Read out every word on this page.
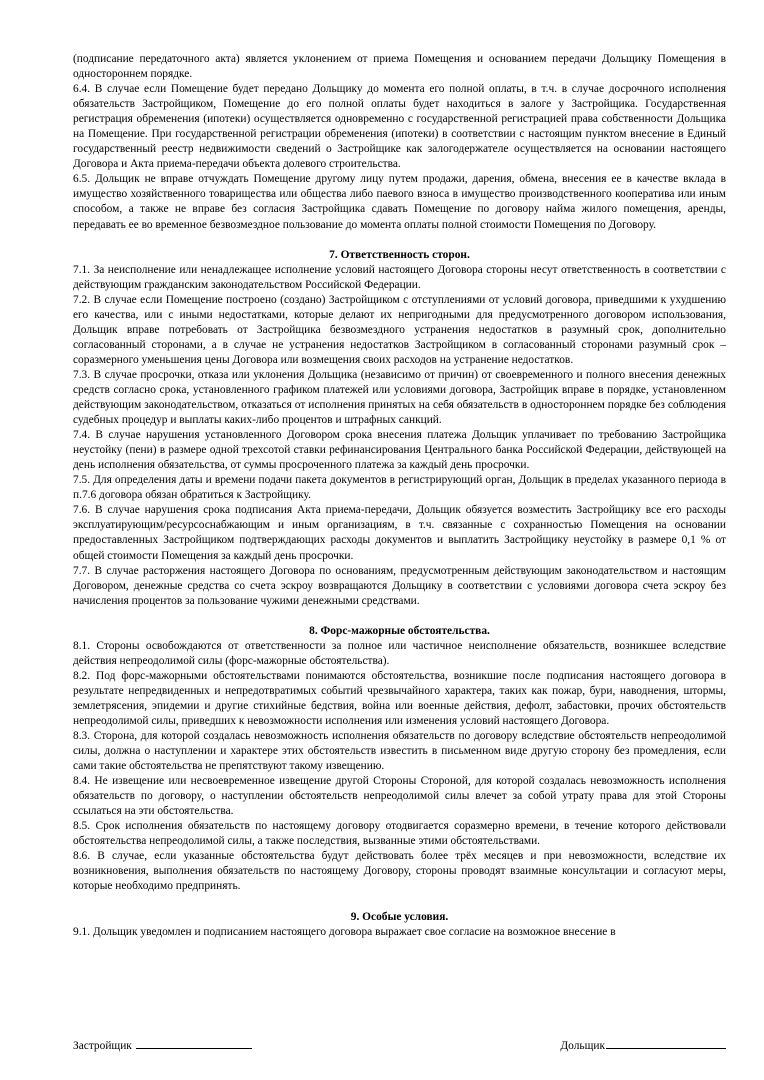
(подписание передаточного акта) является уклонением от приема Помещения и основанием передачи Дольщику Помещения в одностороннем порядке.

6.4. В случае если Помещение будет передано Дольщику до момента его полной оплаты, в т.ч. в случае досрочного исполнения обязательств Застройщиком, Помещение до его полной оплаты будет находиться в залоге у Застройщика. Государственная регистрация обременения (ипотеки) осуществляется одновременно с государственной регистрацией права собственности Дольщика на Помещение. При государственной регистрации обременения (ипотеки) в соответствии с настоящим пунктом внесение в Единый государственный реестр недвижимости сведений о Застройщике как залогодержателе осуществляется на основании настоящего Договора и Акта приема-передачи объекта долевого строительства.

6.5. Дольщик не вправе отчуждать Помещение другому лицу путем продажи, дарения, обмена, внесения ее в качестве вклада в имущество хозяйственного товарищества или общества либо паевого взноса в имущество производственного кооператива или иным способом, а также не вправе без согласия Застройщика сдавать Помещение по договору найма жилого помещения, аренды, передавать ее во временное безвозмездное пользование до момента оплаты полной стоимости Помещения по Договору.

7. Ответственность сторон.

7.1. За неисполнение или ненадлежащее исполнение условий настоящего Договора стороны несут ответственность в соответствии с действующим гражданским законодательством Российской Федерации.

7.2. В случае если Помещение построено (создано) Застройщиком с отступлениями от условий договора, приведшими к ухудшению его качества, или с иными недостатками, которые делают их непригодными для предусмотренного договором использования, Дольщик вправе потребовать от Застройщика безвозмездного устранения недостатков в разумный срок, дополнительно согласованный сторонами, а в случае не устранения недостатков Застройщиком в согласованный сторонами разумный срок – соразмерного уменьшения цены Договора или возмещения своих расходов на устранение недостатков.

7.3. В случае просрочки, отказа или уклонения Дольщика (независимо от причин) от своевременного и полного внесения денежных средств согласно срока, установленного графиком платежей или условиями договора, Застройщик вправе в порядке, установленном действующим законодательством, отказаться от исполнения принятых на себя обязательств в одностороннем порядке без соблюдения судебных процедур и выплаты каких-либо процентов и штрафных санкций.

7.4. В случае нарушения установленного Договором срока внесения платежа Дольщик уплачивает по требованию Застройщика неустойку (пени) в размере одной трехсотой ставки рефинансирования Центрального банка Российской Федерации, действующей на день исполнения обязательства, от суммы просроченного платежа за каждый день просрочки.

7.5. Для определения даты и времени подачи пакета документов в регистрирующий орган, Дольщик в пределах указанного периода в п.7.6 договора обязан обратиться к Застройщику.

7.6. В случае нарушения срока подписания Акта приема-передачи, Дольщик обязуется возместить Застройщику все его расходы эксплуатирующим/ресурсоснабжающим и иным организациям, в т.ч. связанные с сохранностью Помещения на основании предоставленных Застройщиком подтверждающих расходы документов и выплатить Застройщику неустойку в размере 0,1 % от общей стоимости Помещения за каждый день просрочки.

7.7. В случае расторжения настоящего Договора по основаниям, предусмотренным действующим законодательством и настоящим Договором, денежные средства со счета эскроу возвращаются Дольщику в соответствии с условиями договора счета эскроу без начисления процентов за пользование чужими денежными средствами.

8. Форс-мажорные обстоятельства.

8.1. Стороны освобождаются от ответственности за полное или частичное неисполнение обязательств, возникшее вследствие действия непреодолимой силы (форс-мажорные обстоятельства).

8.2. Под форс-мажорными обстоятельствами понимаются обстоятельства, возникшие после подписания настоящего договора в результате непредвиденных и непредотвратимых событий чрезвычайного характера, таких как пожар, бури, наводнения, штормы, землетрясения, эпидемии и другие стихийные бедствия, война или военные действия, дефолт, забастовки, прочих обстоятельств непреодолимой силы, приведших к невозможности исполнения или изменения условий настоящего Договора.

8.3. Сторона, для которой создалась невозможность исполнения обязательств по договору вследствие обстоятельств непреодолимой силы, должна о наступлении и характере этих обстоятельств известить в письменном виде другую сторону без промедления, если сами такие обстоятельства не препятствуют такому извещению.

8.4. Не извещение или несвоевременное извещение другой Стороны Стороной, для которой создалась невозможность исполнения обязательств по договору, о наступлении обстоятельств непреодолимой силы влечет за собой утрату права для этой Стороны ссылаться на эти обстоятельства.

8.5. Срок исполнения обязательств по настоящему договору отодвигается соразмерно времени, в течение которого действовали обстоятельства непреодолимой силы, а также последствия, вызванные этими обстоятельствами.

8.6. В случае, если указанные обстоятельства будут действовать более трёх месяцев и при невозможности, вследствие их возникновения, выполнения обязательств по настоящему Договору, стороны проводят взаимные консультации и согласуют меры, которые необходимо предпринять.

9. Особые условия.

9.1. Дольщик уведомлен и подписанием настоящего договора выражает свое согласие на возможное внесение в

Застройщик	Дольщик
